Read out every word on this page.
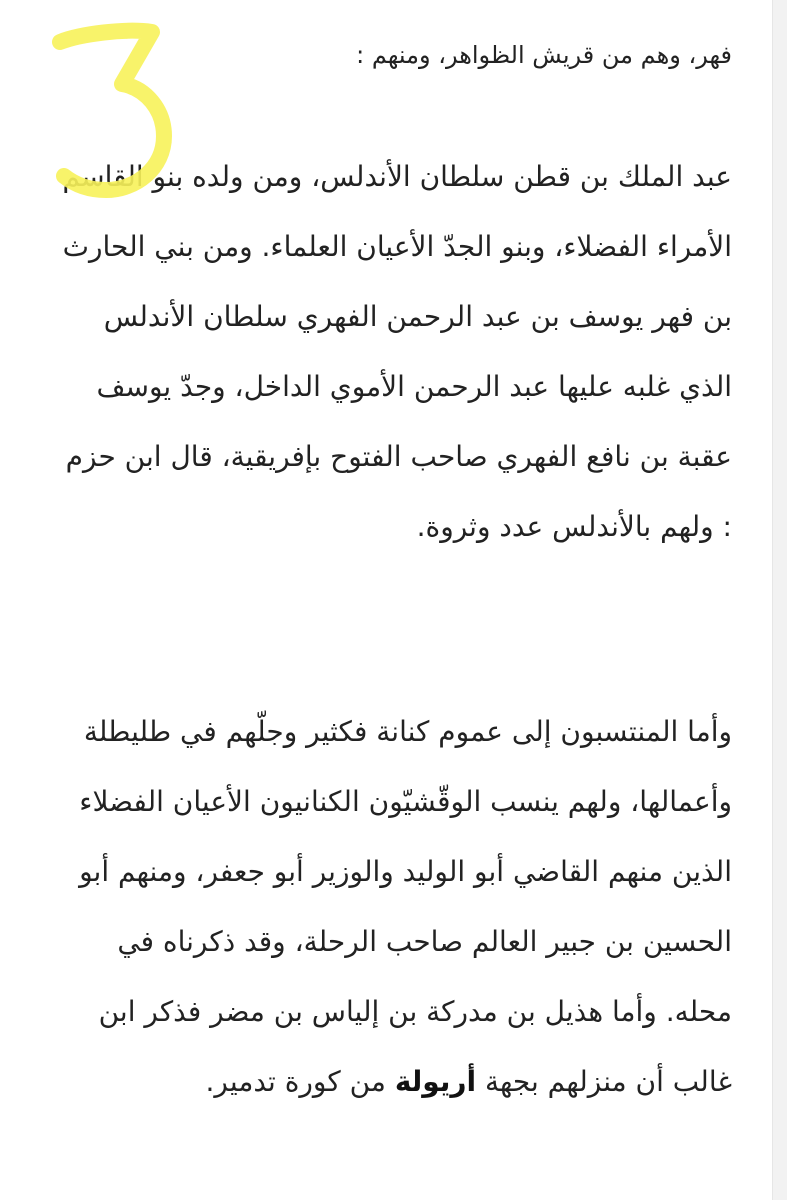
فهر، وهم من قريش الظواهر، ومنهم :

عبد الملك بن قطن سلطان الأندلس، ومن ولده بنو القاسم الأمراء الفضلاء، وبنو الجدّ الأعيان العلماء. ومن بني الحارث بن فهر يوسف بن عبد الرحمن الفهري سلطان الأندلس الذي غلبه عليها عبد الرحمن الأموي الداخل، وجدّ يوسف عقبة بن نافع الفهري صاحب الفتوح بإفريقية، قال ابن حزم : ولهم بالأندلس عدد وثروة.

وأما المنتسبون إلى عموم كنانة فكثير وجلّهم في طليطلة وأعمالها، ولهم ينسب الوقّشيّون الكنانيون الأعيان الفضلاء الذين منهم القاضي أبو الوليد والوزير أبو جعفر، ومنهم أبو الحسين بن جبير العالم صاحب الرحلة، وقد ذكرناه في محله. وأما هذيل بن مدركة بن إلياس بن مضر فذكر ابن غالب أن منزلهم بجهة أريولة من كورة تدمير.
